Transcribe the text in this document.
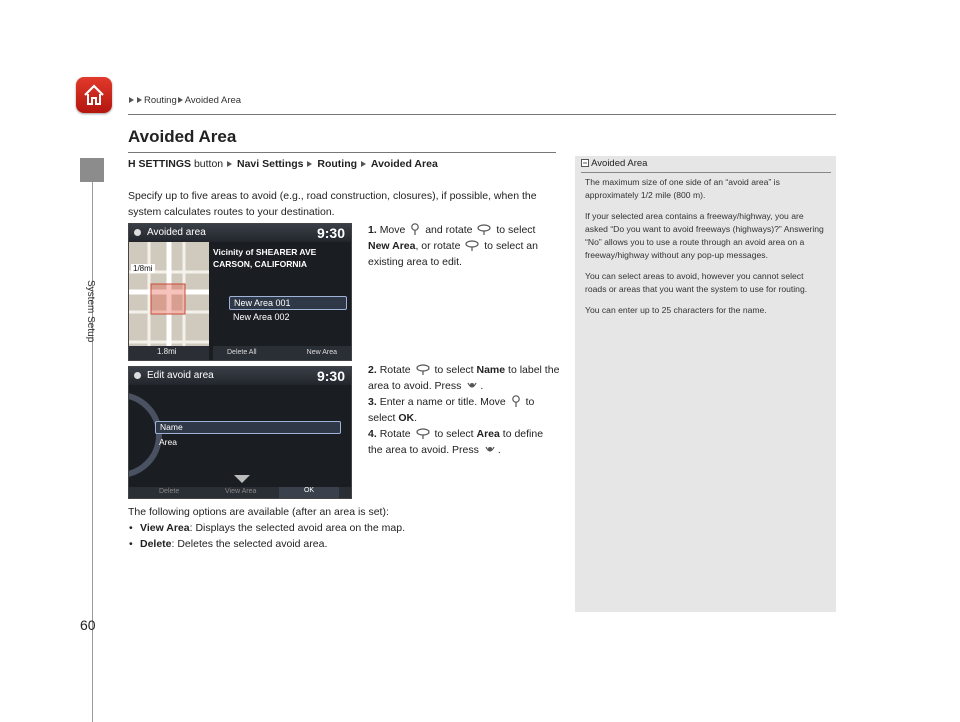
Routing Avoided Area
System Setup
Avoided Area
H SETTINGS button Navi Settings Routing Avoided Area
Specify up to five areas to avoid (e.g., road construction, closures), if possible, when the system calculates routes to your destination.
Avoided area	9:30
1/8mi
1.8mi
Vicinity of SHEARER AVE
CARSON, CALIFORNIA
New Area 001
New Area 002
Delete All	New Area
1. Move and rotate to select
New Area, or rotate to select an existing area to edit.
Edit avoid area	9:30
Name
Area
Delete	View Area	OK
2. Rotate to select Name to label the area to avoid. Press .
3. Enter a name or title. Move to select OK.
4. Rotate to select Area to define the area to avoid. Press .
The following options are available (after an area is set):
• View Area: Displays the selected avoid area on the map.
• Delete: Deletes the selected avoid area.
Avoided Area

The maximum size of one side of an “avoid area” is approximately 1/2 mile (800 m).

If your selected area contains a freeway/highway, you are asked “Do you want to avoid freeways (highways)?” Answering “No” allows you to use a route through an avoid area on a freeway/highway without any pop-up messages.

You can select areas to avoid, however you cannot select roads or areas that you want the system to use for routing.

You can enter up to 25 characters for the name.

60
